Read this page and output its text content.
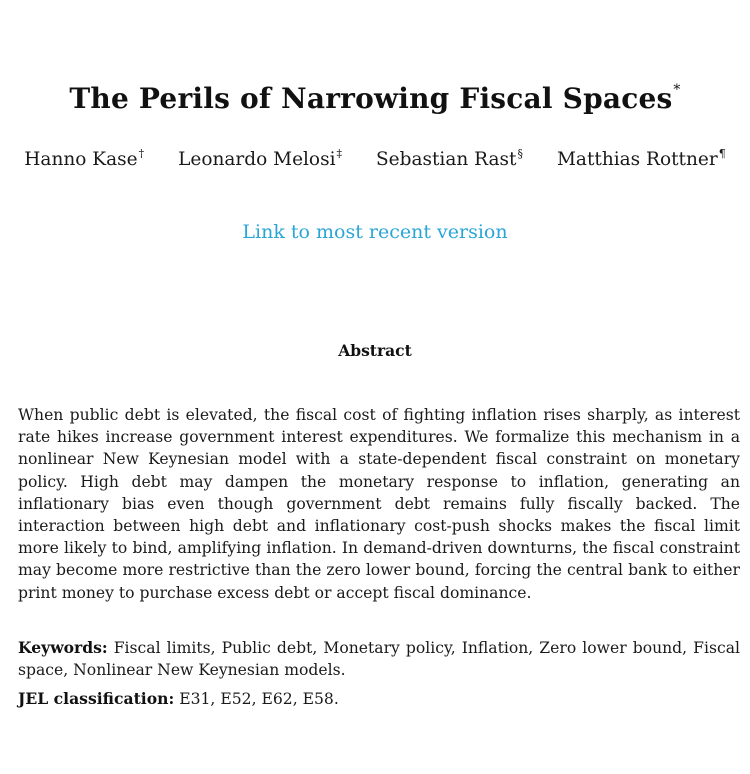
The Perils of Narrowing Fiscal Spaces*
Hanno Kase† Leonardo Melosi‡ Sebastian Rast§ Matthias Rottner¶
Link to most recent version
Abstract
When public debt is elevated, the fiscal cost of fighting inflation rises sharply, as interest rate hikes increase government interest expenditures. We formalize this mechanism in a nonlinear New Keynesian model with a state-dependent fiscal constraint on monetary policy. High debt may dampen the monetary response to inflation, generating an inflationary bias even though government debt remains fully fiscally backed. The interaction between high debt and inflationary cost-push shocks makes the fiscal limit more likely to bind, amplifying inflation. In demand-driven downturns, the fiscal constraint may become more restrictive than the zero lower bound, forcing the central bank to either print money to purchase excess debt or accept fiscal dominance.
Keywords: Fiscal limits, Public debt, Monetary policy, Inflation, Zero lower bound, Fiscal space, Nonlinear New Keynesian models.
JEL classification: E31, E52, E62, E58.
